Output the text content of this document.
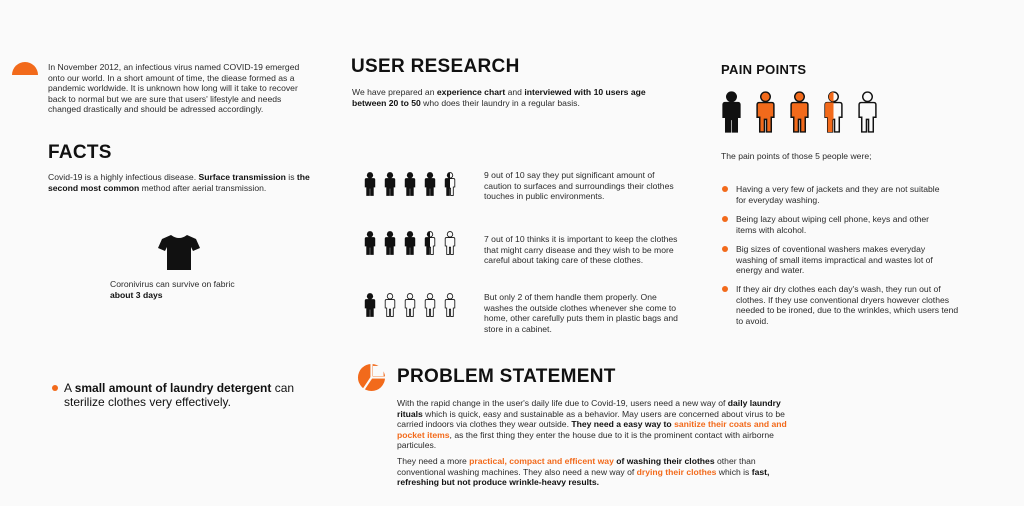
In November 2012, an infectious virus named COVID-19 emerged onto our world. In a short amount of time, the diease formed as a pandemic worldwide. It is unknown how long will it take to recover back to normal but we are sure that users' lifestyle and needs changed drastically and should be adressed accordingly.
FACTS
Covid-19 is a highly infectious disease. Surface transmission is the second most common method after aerial transmission.
Coronivirus can survive on fabric
about 3 days
A small amount of laundry detergent can sterilize clothes very effectively.
USER RESEARCH
We have prepared an experience chart and interviewed with 10 users age between 20 to 50 who does their laundry in a regular basis.
9 out of 10 say they put significant amount of caution to surfaces and surroundings their clothes touches in public environments.
7 out of 10 thinks it is important to keep the clothes that might carry disease and they wish to be more careful about taking care of these clothes.
But only 2 of them handle them properly. One washes the outside clothes whenever she come to home, other carefully puts them in plastic bags and store in a cabinet.
PAIN POINTS
The pain points of those 5 people were;
Having a very few of jackets and they are not suitable for everyday washing.
Being lazy about wiping cell phone, keys and other items with alcohol.
Big sizes of coventional washers makes everyday washing of small items impractical and wastes lot of energy and water.
If they air dry clothes each day's wash, they run out of clothes. If they use conventional dryers however clothes needed to be ironed, due to the wrinkles, which users tend to avoid.
PROBLEM STATEMENT
With the rapid change in the user's daily life due to Covid-19, users need a new way of daily laundry rituals which is quick, easy and sustainable as a behavior. May users are concerned about virus to be carried indoors via clothes they wear outside. They need a easy way to sanitize their coats and and pocket items, as the first thing they enter the house due to it is the prominent contact with airborne particules.
They need a more practical, compact and efficent way of washing their clothes other than conventional washing machines. They also need a new way of drying their clothes which is fast, refreshing but not produce wrinkle-heavy results.
